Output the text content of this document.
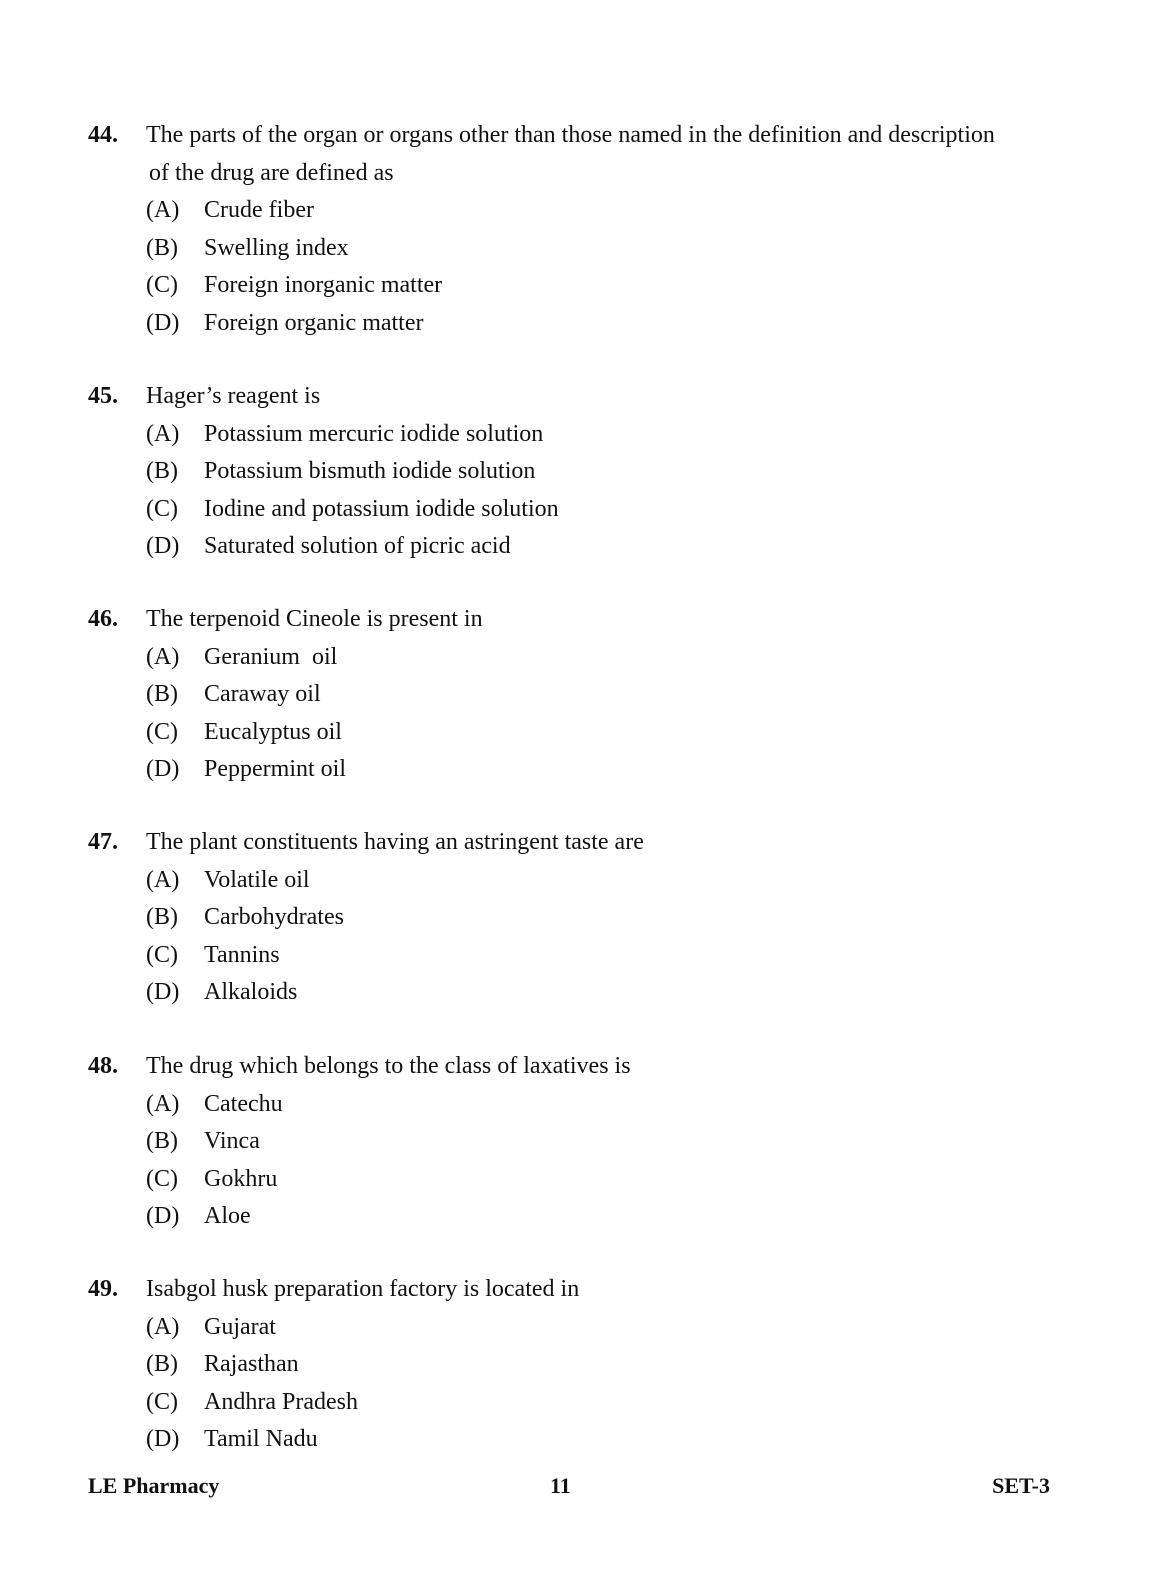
44. The parts of the organ or organs other than those named in the definition and description
of the drug are defined as
(A) Crude fiber
(B) Swelling index
(C) Foreign inorganic matter
(D) Foreign organic matter
45. Hager’s reagent is
(A) Potassium mercuric iodide solution
(B) Potassium bismuth iodide solution
(C) Iodine and potassium iodide solution
(D) Saturated solution of picric acid
46. The terpenoid Cineole is present in
(A) Geranium  oil
(B) Caraway oil
(C) Eucalyptus oil
(D) Peppermint oil
47. The plant constituents having an astringent taste are
(A) Volatile oil
(B) Carbohydrates
(C) Tannins
(D) Alkaloids
48. The drug which belongs to the class of laxatives is
(A) Catechu
(B) Vinca
(C) Gokhru
(D) Aloe
49. Isabgol husk preparation factory is located in
(A) Gujarat
(B) Rajasthan
(C) Andhra Pradesh
(D) Tamil Nadu
LE Pharmacy	11	SET-3
